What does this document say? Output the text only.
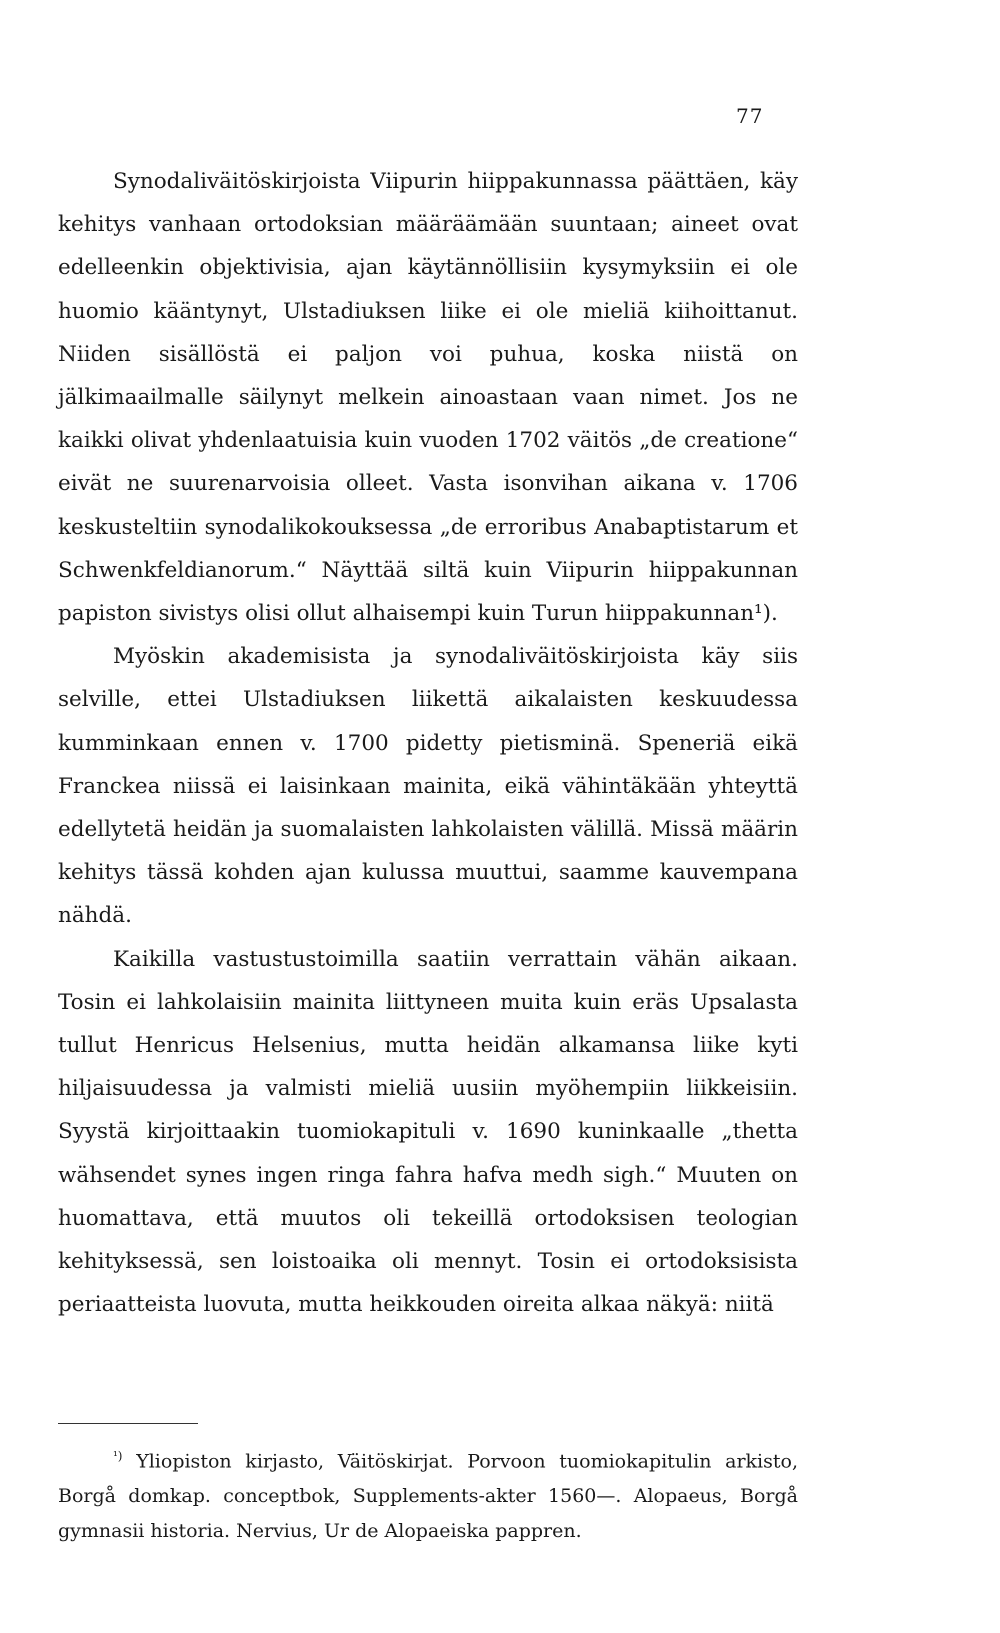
77

Synodaliväitöskirjoista Viipurin hiippakunnassa päättäen, käy kehitys vanhaan ortodoksian määräämään suuntaan; aineet ovat edelleenkin objektivisia, ajan käytännöllisiin kysymyksiin ei ole huomio kääntynyt, Ulstadiuksen liike ei ole mieliä kiihoittanut. Niiden sisällöstä ei paljon voi puhua, koska niistä on jälkimaailmalle säilynyt melkein ainoastaan vaan nimet. Jos ne kaikki olivat yhdenlaatuisia kuin vuoden 1702 väitös „de creatione“ eivät ne suurenarvoisia olleet. Vasta isonvihan aikana v. 1706 keskusteltiin synodalikokouksessa „de erroribus Anabaptistarum et Schwenkfeldianorum.“ Näyttää siltä kuin Viipurin hiippakunnan papiston sivistys olisi ollut alhaisempi kuin Turun hiippakunnan¹).

Myöskin akademisista ja synodaliväitöskirjoista käy siis selville, ettei Ulstadiuksen liikettä aikalaisten keskuudessa kumminkaan ennen v. 1700 pidetty pietisminä. Speneriä eikä Franckea niissä ei laisinkaan mainita, eikä vähintäkään yhteyttä edellytetä heidän ja suomalaisten lahkolaisten välillä. Missä määrin kehitys tässä kohden ajan kulussa muuttui, saamme kauvempana nähdä.

Kaikilla vastustustoimilla saatiin verrattain vähän aikaan. Tosin ei lahkolaisiin mainita liittyneen muita kuin eräs Upsalasta tullut Henricus Helsenius, mutta heidän alkamansa liike kyti hiljaisuudessa ja valmisti mieliä uusiin myöhempiin liikkeisiin. Syystä kirjoittaakin tuomiokapituli v. 1690 kuninkaalle „thetta wähsendet synes ingen ringa fahra hafva medh sigh.“ Muuten on huomattava, että muutos oli tekeillä ortodoksisen teologian kehityksessä, sen loistoaika oli mennyt. Tosin ei ortodoksisista periaatteista luovuta, mutta heikkouden oireita alkaa näkyä: niitä

$^{^1)}$ Yliopiston kirjasto, Väitöskirjat. Porvoon tuomiokapitulin arkisto, Borgå domkap. conceptbok, Supplements-akter 1560—. Alopaeus, Borgå gymnasii historia. Nervius, Ur de Alopaeiska pappren.
